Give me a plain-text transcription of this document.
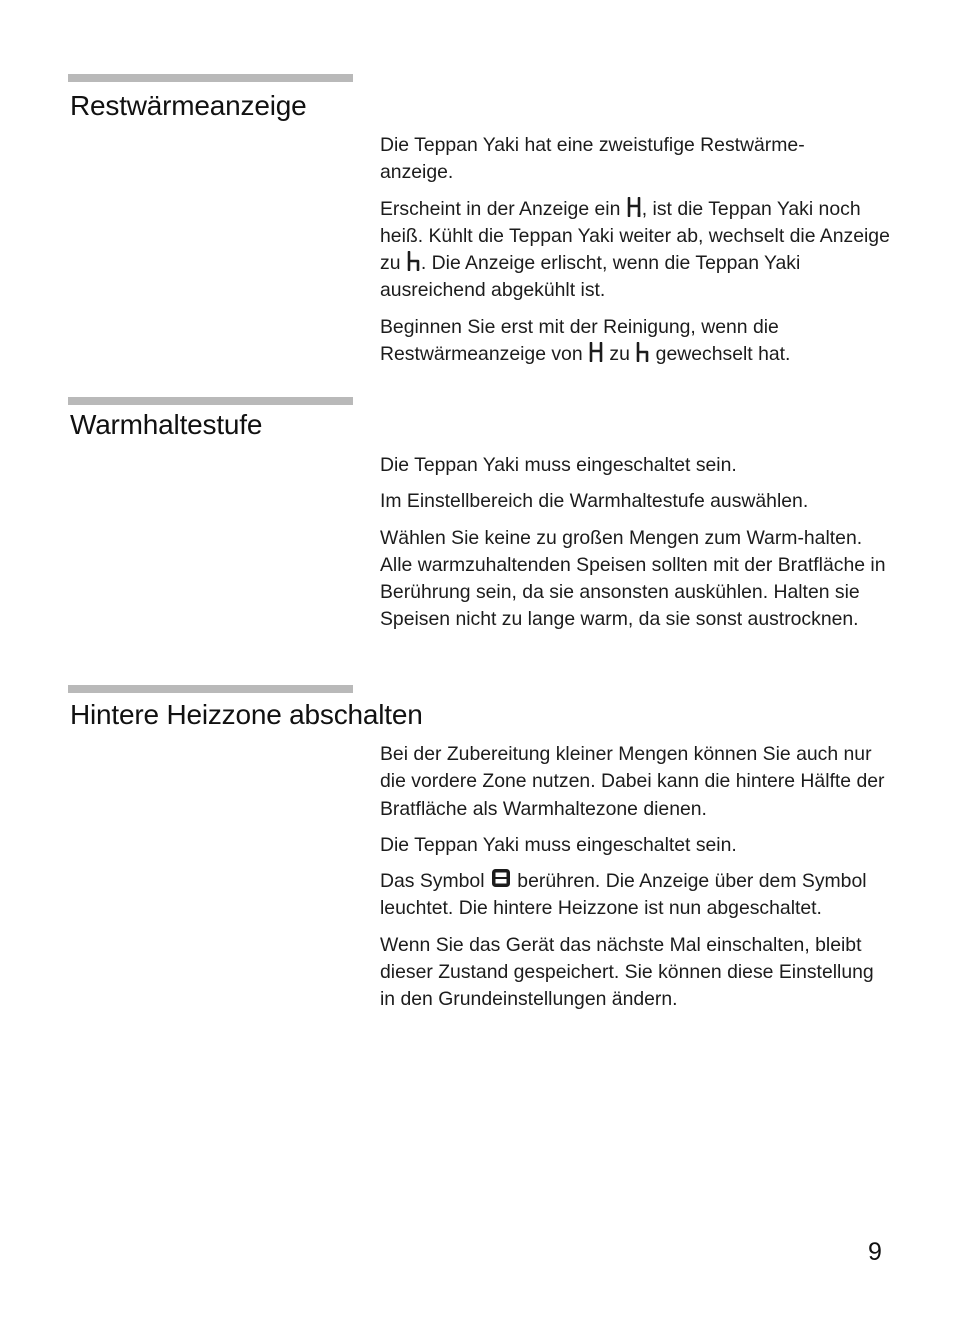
Restwärmeanzeige

Die Teppan Yaki hat eine zweistufige Restwärme-anzeige.

Erscheint in der Anzeige ein
, ist die Teppan Yaki noch heiß. Kühlt die Teppan Yaki weiter ab, wechselt die Anzeige zu
. Die Anzeige erlischt, wenn die Teppan Yaki ausreichend abgekühlt ist.

Beginnen Sie erst mit der Reinigung, wenn die Restwärmeanzeige von
zu
gewechselt hat.

Warmhaltestufe

Die Teppan Yaki muss eingeschaltet sein.

Im Einstellbereich die Warmhaltestufe auswählen.

Wählen Sie keine zu großen Mengen zum Warm-halten. Alle warmzuhaltenden Speisen sollten mit der Bratfläche in Berührung sein, da sie ansonsten auskühlen. Halten sie Speisen nicht zu lange warm, da sie sonst austrocknen.

Hintere Heizzone abschalten

Bei der Zubereitung kleiner Mengen können Sie auch nur die vordere Zone nutzen. Dabei kann die hintere Hälfte der Bratfläche als Warmhaltezone dienen.

Die Teppan Yaki muss eingeschaltet sein.

Das Symbol
berühren. Die Anzeige über dem Symbol leuchtet. Die hintere Heizzone ist nun abgeschaltet.

Wenn Sie das Gerät das nächste Mal einschalten, bleibt dieser Zustand gespeichert. Sie können diese Einstellung in den Grundeinstellungen ändern.

9
